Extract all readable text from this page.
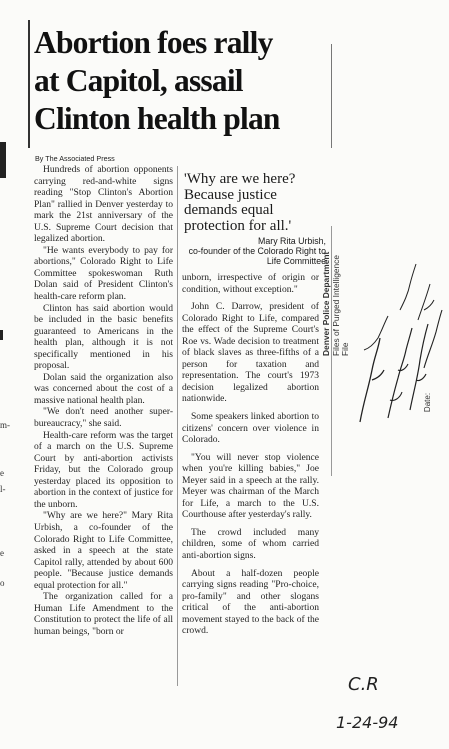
m-
e
l-
e
o
Abortion foes rally
at Capitol, assail
Clinton health plan
By The Associated Press

Hundreds of abortion opponents carrying red-and-white signs reading "Stop Clinton's Abortion Plan" rallied in Denver yesterday to mark the 21st anniversary of the U.S. Supreme Court decision that legalized abortion.

"He wants everybody to pay for abortions," Colorado Right to Life Committee spokeswoman Ruth Dolan said of President Clinton's health-care reform plan.

Clinton has said abortion would be included in the basic benefits guaranteed to Americans in the health plan, although it is not specifically mentioned in his proposal.

Dolan said the organization also was concerned about the cost of a massive national health plan.

"We don't need another super-bureaucracy," she said.

Health-care reform was the target of a march on the U.S. Supreme Court by anti-abortion activists Friday, but the Colorado group yesterday placed its opposition to abortion in the context of justice for the unborn.

"Why are we here?" Mary Rita Urbish, a co-founder of the Colorado Right to Life Committee, asked in a speech at the state Capitol rally, attended by about 600 people. "Because justice demands equal protection for all."

The organization called for a Human Life Amendment to the Constitution to protect the life of all human beings, "born or

'Why are we here? Because justice demands equal protection for all.'
Mary Rita Urbish,
co-founder of the Colorado Right to Life Committee

unborn, irrespective of origin or condition, without exception."

John C. Darrow, president of Colorado Right to Life, compared the effect of the Supreme Court's Roe vs. Wade decision to treatment of black slaves as three-fifths of a person for taxation and representation. The court's 1973 decision legalized abortion nationwide.

Some speakers linked abortion to citizens' concern over violence in Colorado.

"You will never stop violence when you're killing babies," Joe Meyer said in a speech at the rally. Meyer was chairman of the March for Life, a march to the U.S. Courthouse after yesterday's rally.

The crowd included many children, some of whom carried anti-abortion signs.

About a half-dozen people carrying signs reading "Pro-choice, pro-family" and other slogans critical of the anti-abortion movement stayed to the back of the crowd.

Denver Police Department Files of Purged Intelligence File
Date:
C.R
1-24-94
